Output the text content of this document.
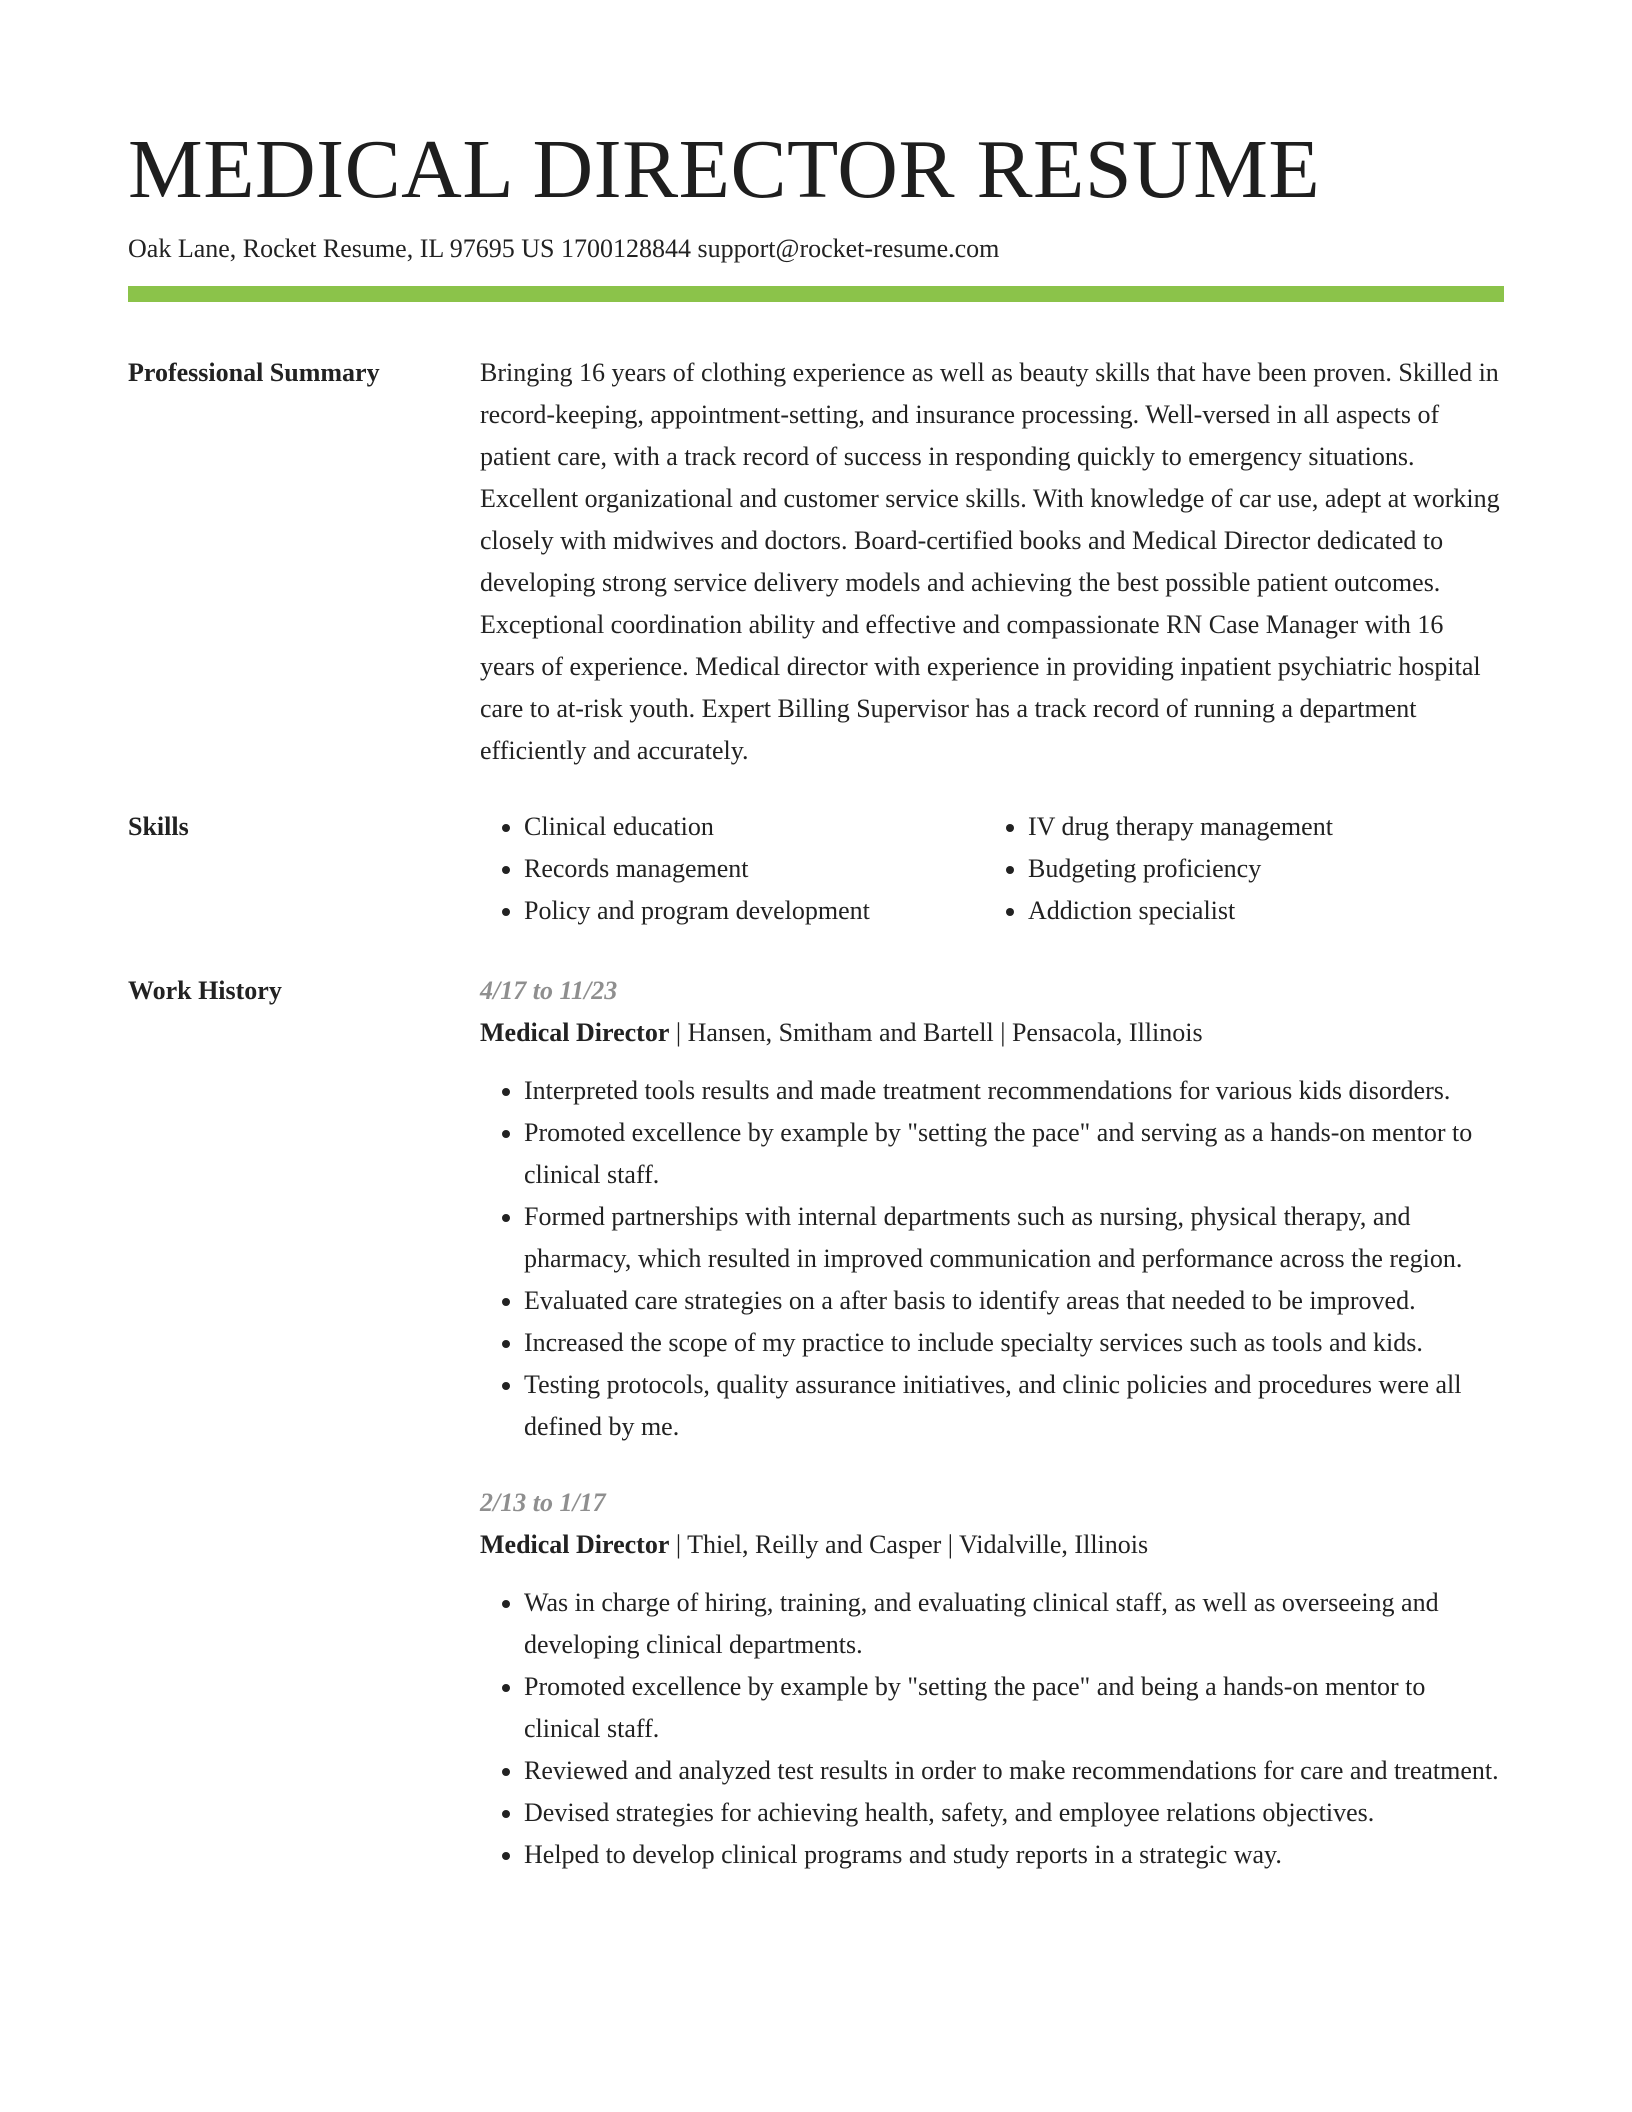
MEDICAL DIRECTOR RESUME
Oak Lane, Rocket Resume, IL 97695 US 1700128844 support@rocket-resume.com
Professional Summary	Bringing 16 years of clothing experience as well as beauty skills that have been proven. Skilled in record-keeping, appointment-setting, and insurance processing. Well-versed in all aspects of patient care, with a track record of success in responding quickly to emergency situations. Excellent organizational and customer service skills. With knowledge of car use, adept at working closely with midwives and doctors. Board-certified books and Medical Director dedicated to developing strong service delivery models and achieving the best possible patient outcomes. Exceptional coordination ability and effective and compassionate RN Case Manager with 16 years of experience. Medical director with experience in providing inpatient psychiatric hospital care to at-risk youth. Expert Billing Supervisor has a track record of running a department efficiently and accurately.

Skills
•	Clinical education
• Records management
• Policy and program development
• IV drug therapy management
• Budgeting proficiency
• Addiction specialist
Work History	4/17 to 11/23
Medical Director | Hansen, Smitham and Bartell | Pensacola, Illinois
• Interpreted tools results and made treatment recommendations for various kids disorders.
• Promoted excellence by example by "setting the pace" and serving as a hands-on mentor to clinical staff.
• Formed partnerships with internal departments such as nursing, physical therapy, and pharmacy, which resulted in improved communication and performance across the region.
• Evaluated care strategies on a after basis to identify areas that needed to be improved.
• Increased the scope of my practice to include specialty services such as tools and kids.
• Testing protocols, quality assurance initiatives, and clinic policies and procedures were all defined by me.
2/13 to 1/17
Medical Director | Thiel, Reilly and Casper | Vidalville, Illinois
• Was in charge of hiring, training, and evaluating clinical staff, as well as overseeing and developing clinical departments.
• Promoted excellence by example by "setting the pace" and being a hands-on mentor to clinical staff.
• Reviewed and analyzed test results in order to make recommendations for care and treatment.
• Devised strategies for achieving health, safety, and employee relations objectives.
• Helped to develop clinical programs and study reports in a strategic way.
